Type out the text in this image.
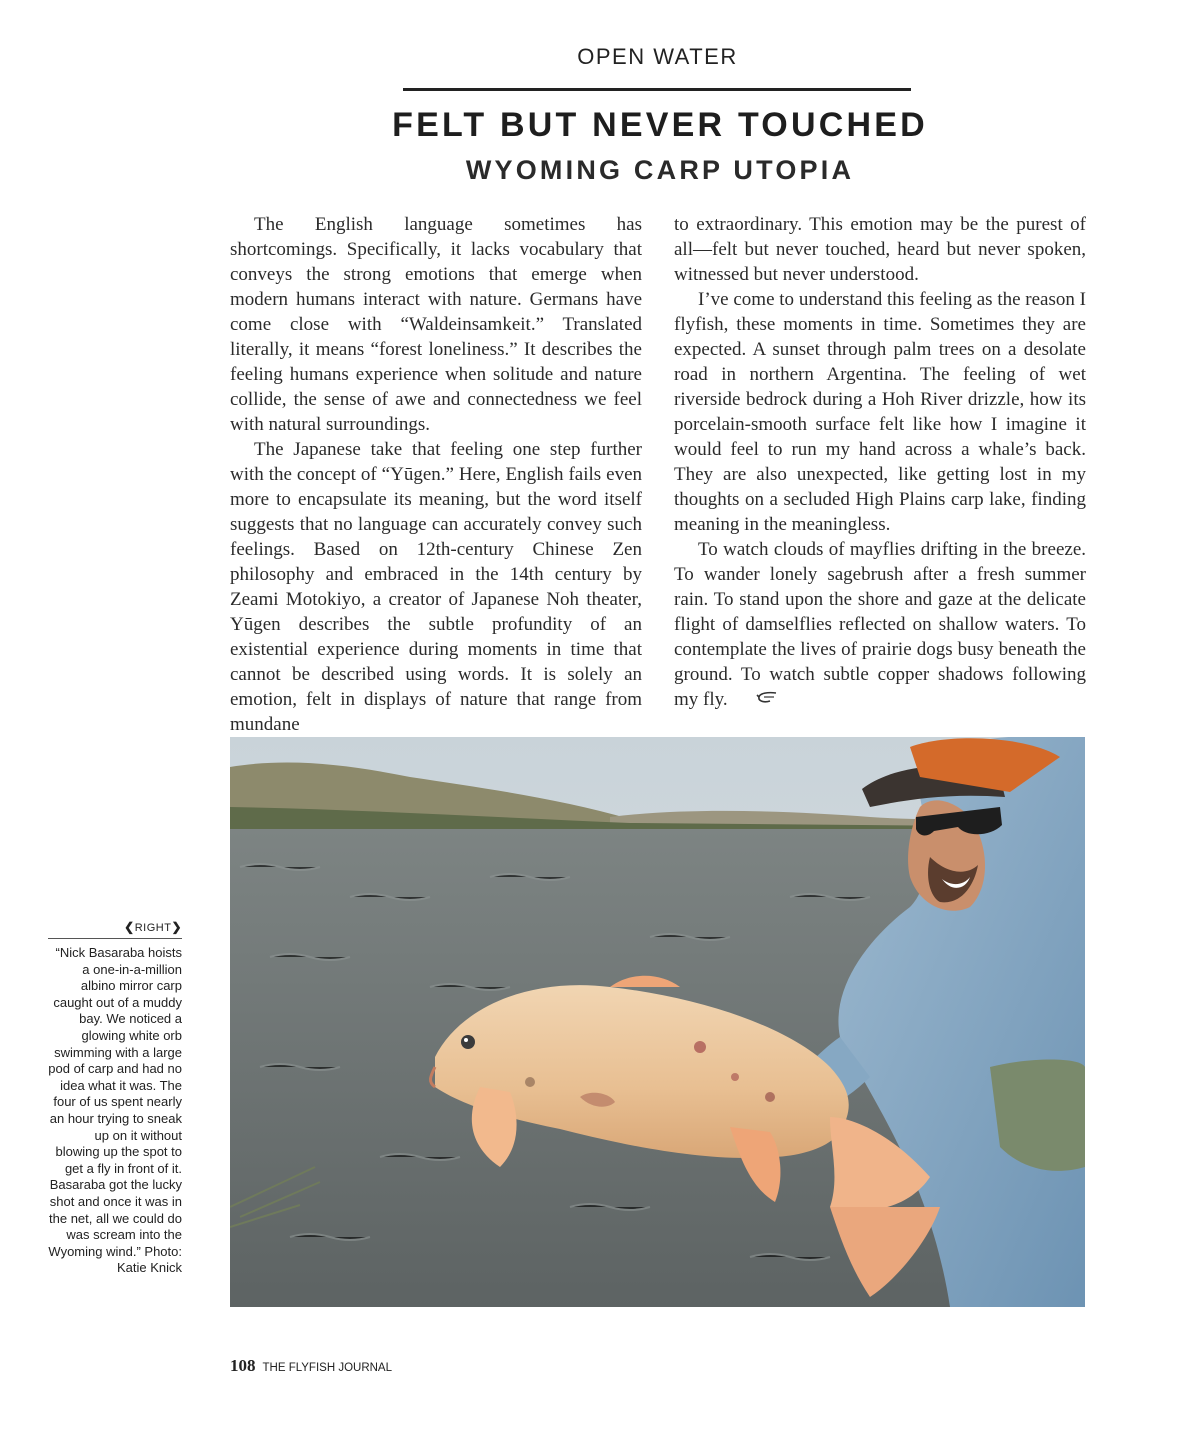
OPEN WATER
FELT BUT NEVER TOUCHED
WYOMING CARP UTOPIA

The English language sometimes has shortcomings. Specifically, it lacks vocabulary that conveys the strong emotions that emerge when modern humans interact with nature. Germans have come close with “Waldeinsamkeit.” Translated literally, it means “forest loneliness.” It describes the feeling humans experience when solitude and nature collide, the sense of awe and connectedness we feel with natural surroundings.

The Japanese take that feeling one step further with the concept of “Yūgen.” Here, English fails even more to encapsulate its meaning, but the word itself suggests that no language can accurately convey such feelings. Based on 12th-century Chinese Zen philosophy and embraced in the 14th century by Zeami Motokiyo, a creator of Japanese Noh theater, Yūgen describes the subtle profundity of an existential experience during moments in time that cannot be described using words. It is solely an emotion, felt in displays of nature that range from mundane

to extraordinary. This emotion may be the purest of all—felt but never touched, heard but never spoken, witnessed but never understood.

I’ve come to understand this feeling as the reason I flyfish, these moments in time. Sometimes they are expected. A sunset through palm trees on a desolate road in northern Argentina. The feeling of wet riverside bedrock during a Hoh River drizzle, how its porcelain-smooth surface felt like how I imagine it would feel to run my hand across a whale’s back. They are also unexpected, like getting lost in my thoughts on a secluded High Plains carp lake, finding meaning in the meaningless.

To watch clouds of mayflies drifting in the breeze. To wander lonely sagebrush after a fresh summer rain. To stand upon the shore and gaze at the delicate flight of damselflies reflected on shallow waters. To contemplate the lives of prairie dogs busy beneath the ground. To watch subtle copper shadows following my fly.

❮RIGHT❯
“Nick Basaraba hoists a one-in-a-million albino mirror carp caught out of a muddy bay. We noticed a glowing white orb swimming with a large pod of carp and had no idea what it was. The four of us spent nearly an hour trying to sneak up on it without blowing up the spot to get a fly in front of it. Basaraba got the lucky shot and once it was in the net, all we could do was scream into the Wyoming wind.” Photo: Katie Knick
108 THE FLYFISH JOURNAL
